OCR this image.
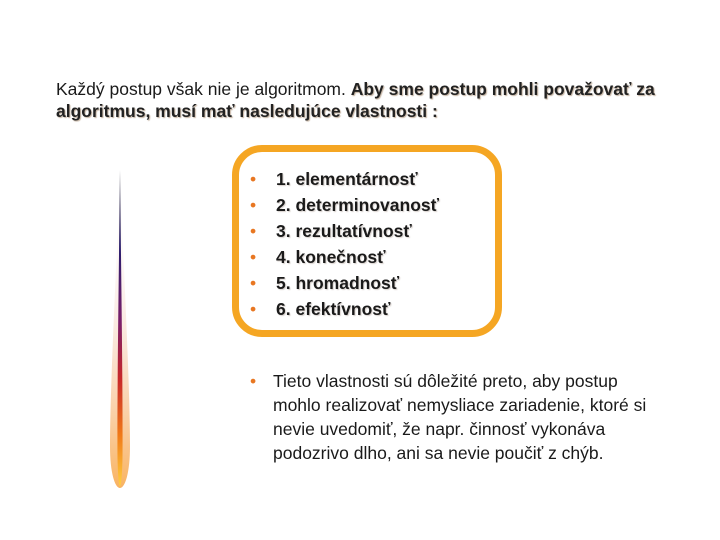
Každý postup však nie je algoritmom. Aby sme postup mohli považovať za algoritmus, musí mať nasledujúce vlastnosti :
• 1. elementárnosť
• 2. determinovanosť
• 3. rezultatívnosť
• 4. konečnosť
• 5. hromadnosť
• 6. efektívnosť
• Tieto vlastnosti sú dôležité preto, aby postup mohlo realizovať nemysliace zariadenie, ktoré si nevie uvedomiť, že napr. činnosť vykonáva podozrivo dlho, ani sa nevie poučiť z chýb.
